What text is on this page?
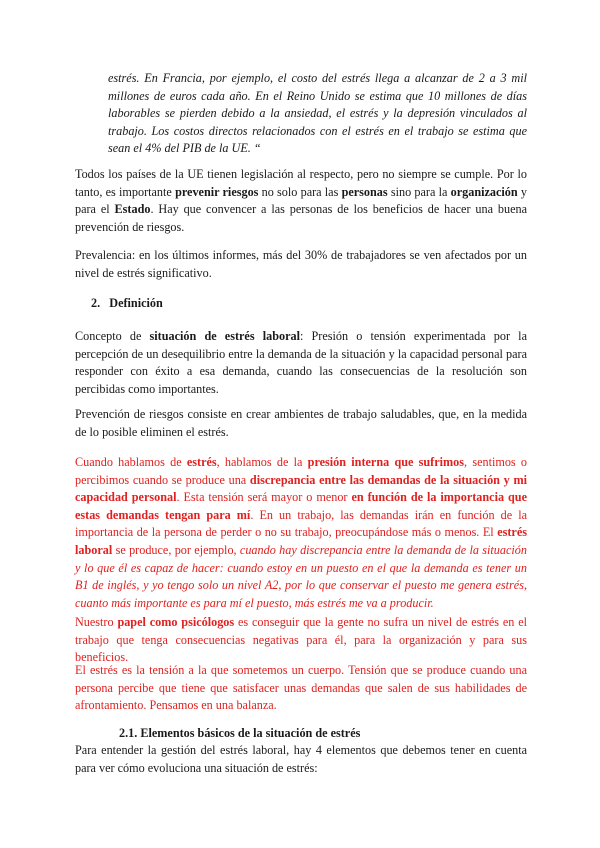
estrés. En Francia, por ejemplo, el costo del estrés llega a alcanzar de 2 a 3 mil millones de euros cada año. En el Reino Unido se estima que 10 millones de días laborables se pierden debido a la ansiedad, el estrés y la depresión vinculados al trabajo. Los costos directos relacionados con el estrés en el trabajo se estima que sean el 4% del PIB de la UE. “

Todos los países de la UE tienen legislación al respecto, pero no siempre se cumple. Por lo tanto, es importante prevenir riesgos no solo para las personas sino para la organización y para el Estado. Hay que convencer a las personas de los beneficios de hacer una buena prevención de riesgos.

Prevalencia: en los últimos informes, más del 30% de trabajadores se ven afectados por un nivel de estrés significativo.

2. Definición

Concepto de situación de estrés laboral: Presión o tensión experimentada por la percepción de un desequilibrio entre la demanda de la situación y la capacidad personal para responder con éxito a esa demanda, cuando las consecuencias de la resolución son percibidas como importantes.

Prevención de riesgos consiste en crear ambientes de trabajo saludables, que, en la medida de lo posible eliminen el estrés.

Cuando hablamos de estrés, hablamos de la presión interna que sufrimos, sentimos o percibimos cuando se produce una discrepancia entre las demandas de la situación y mi capacidad personal. Esta tensión será mayor o menor en función de la importancia que estas demandas tengan para mí. En un trabajo, las demandas irán en función de la importancia de la persona de perder o no su trabajo, preocupándose más o menos. El estrés laboral se produce, por ejemplo, cuando hay discrepancia entre la demanda de la situación y lo que él es capaz de hacer: cuando estoy en un puesto en el que la demanda es tener un B1 de inglés, y yo tengo solo un nivel A2, por lo que conservar el puesto me genera estrés, cuanto más importante es para mí el puesto, más estrés me va a producir.

Nuestro papel como psicólogos es conseguir que la gente no sufra un nivel de estrés en el trabajo que tenga consecuencias negativas para él, para la organización y para sus beneficios.

El estrés es la tensión a la que sometemos un cuerpo. Tensión que se produce cuando una persona percibe que tiene que satisfacer unas demandas que salen de sus habilidades de afrontamiento. Pensamos en una balanza.

2.1. Elementos básicos de la situación de estrés

Para entender la gestión del estrés laboral, hay 4 elementos que debemos tener en cuenta para ver cómo evoluciona una situación de estrés:
